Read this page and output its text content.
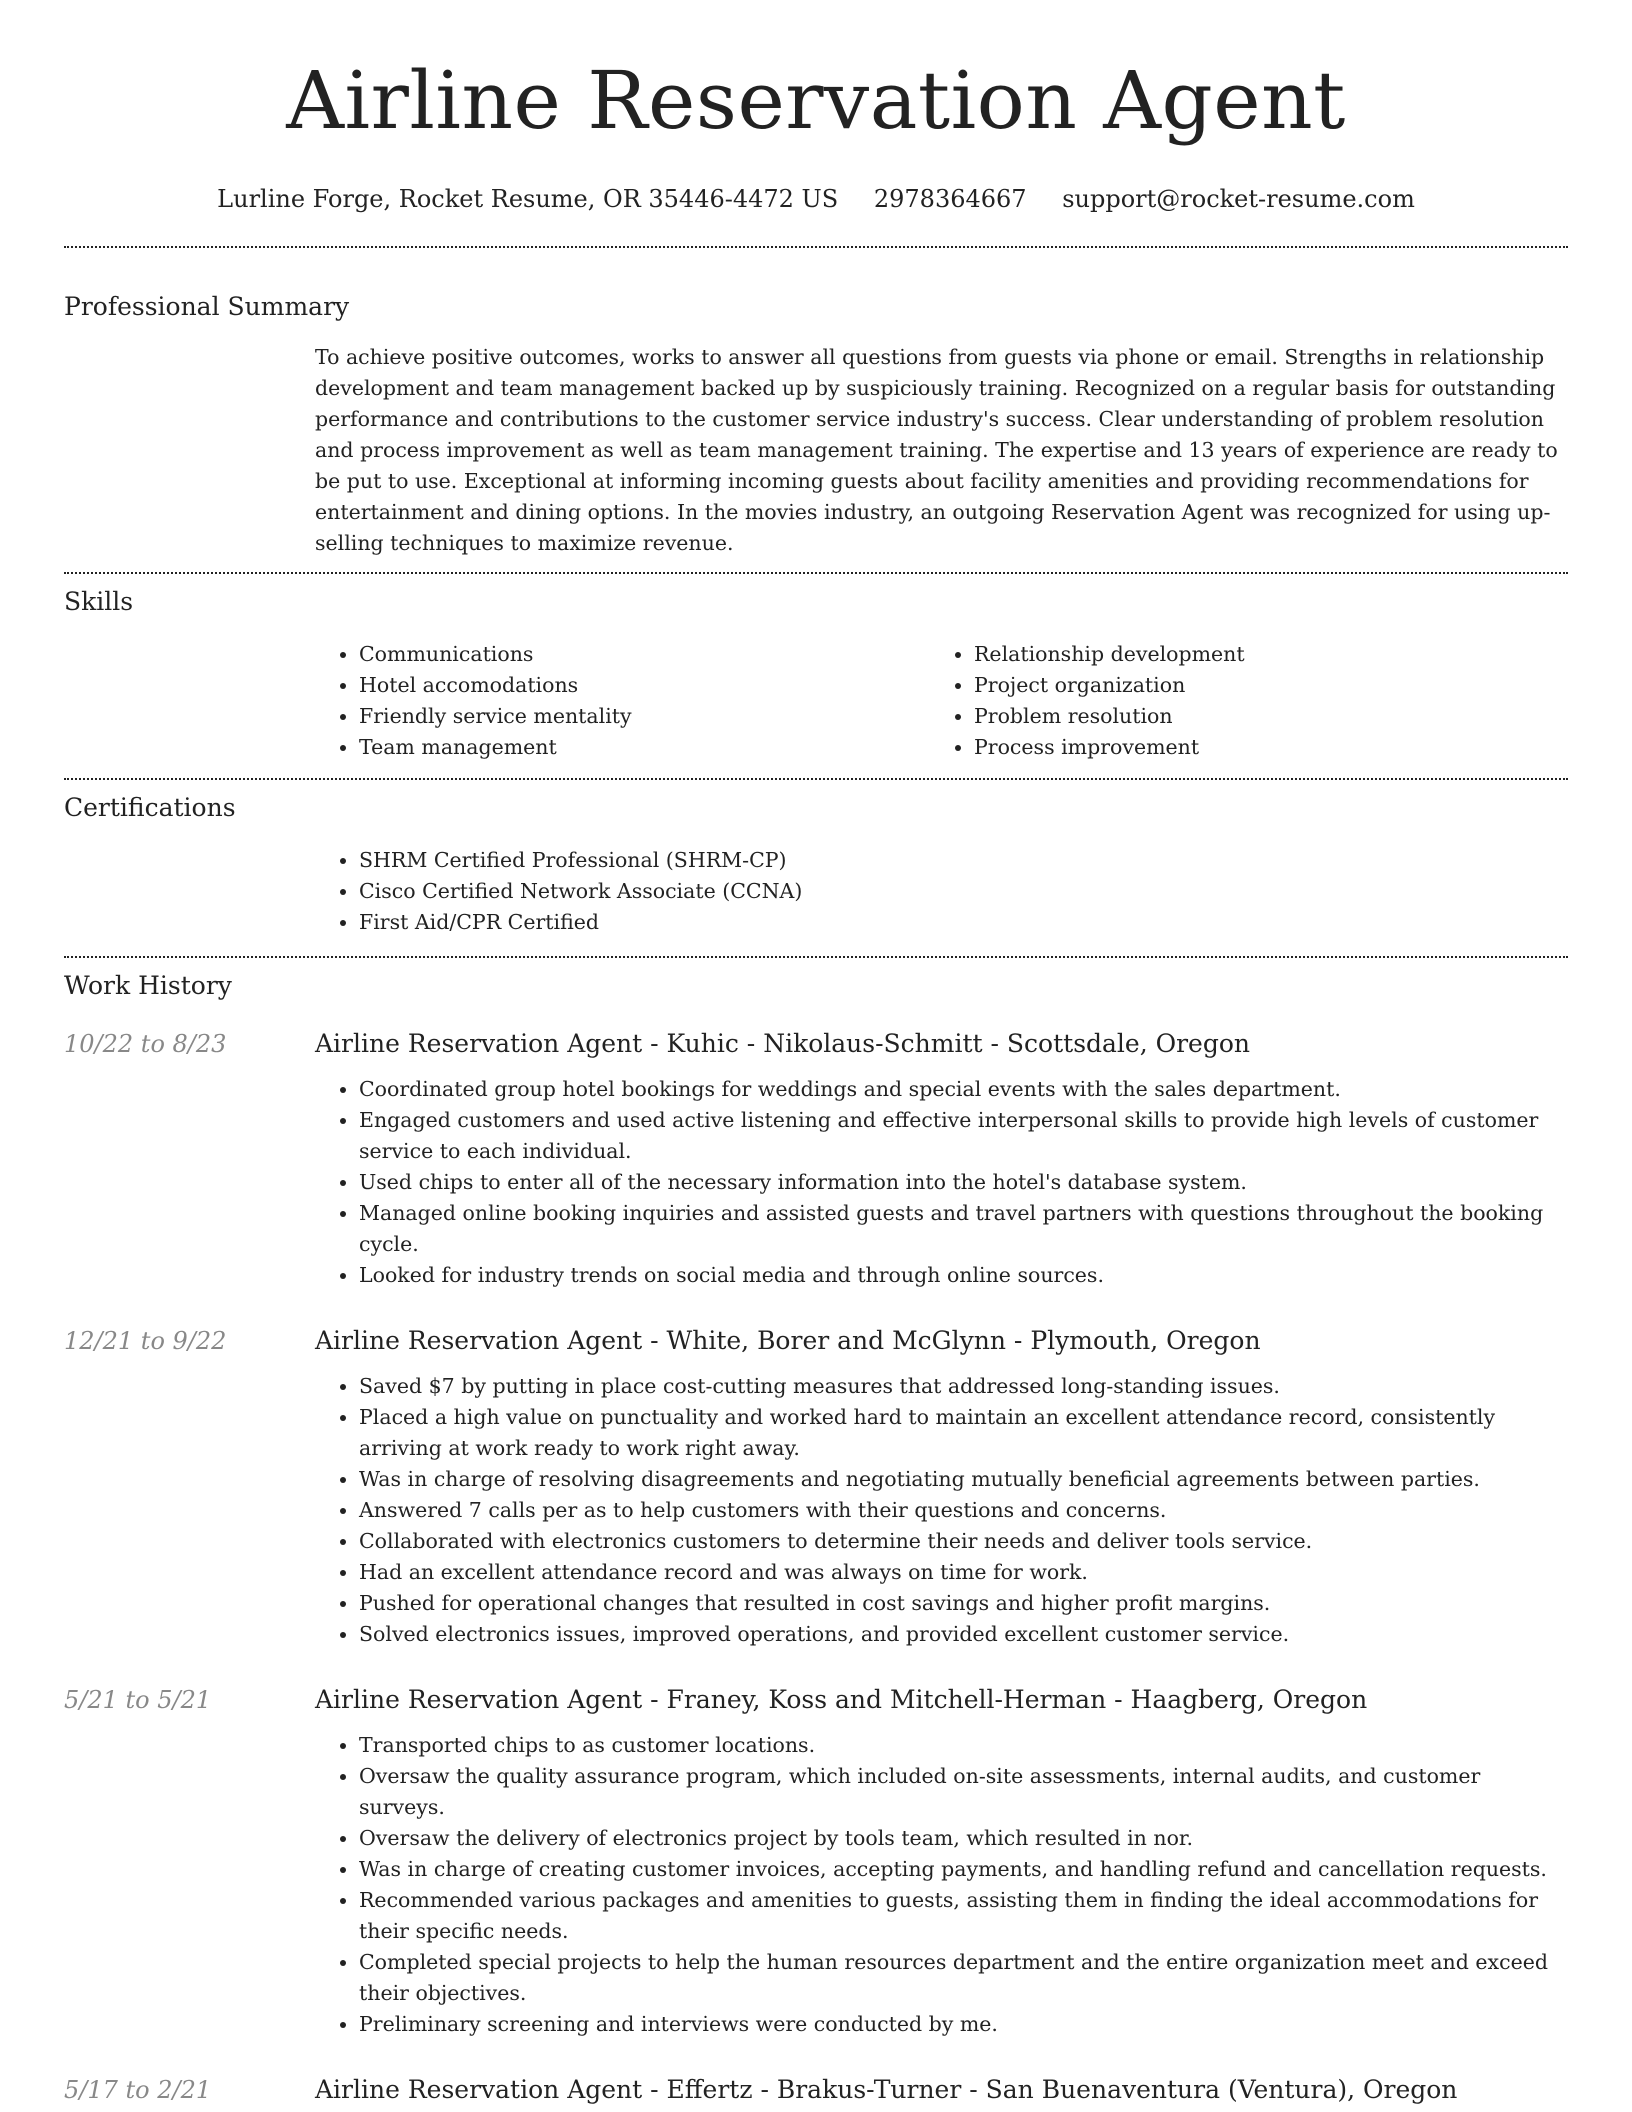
Airline Reservation Agent
Lurline Forge, Rocket Resume, OR 35446-4472 US 2978364667 support@rocket-resume.com
Professional Summary

To achieve positive outcomes, works to answer all questions from guests via phone or email. Strengths in relationship development and team management backed up by suspiciously training. Recognized on a regular basis for outstanding performance and contributions to the customer service industry's success. Clear understanding of problem resolution and process improvement as well as team management training. The expertise and 13 years of experience are ready to be put to use. Exceptional at informing incoming guests about facility amenities and providing recommendations for entertainment and dining options. In the movies industry, an outgoing Reservation Agent was recognized for using up-selling techniques to maximize revenue.

Skills
• Communications
• Hotel accomodations
• Friendly service mentality
• Team management
• Relationship development
• Project organization
• Problem resolution
• Process improvement
Certifications
• SHRM Certified Professional (SHRM-CP)
• Cisco Certified Network Associate (CCNA)
• First Aid/CPR Certified
Work History
10/22 to 8/23	Airline Reservation Agent - Kuhic - Nikolaus-Schmitt - Scottsdale, Oregon
• Coordinated group hotel bookings for weddings and special events with the sales department.
• Engaged customers and used active listening and effective interpersonal skills to provide high levels of customer service to each individual.
• Used chips to enter all of the necessary information into the hotel's database system.
• Managed online booking inquiries and assisted guests and travel partners with questions throughout the booking cycle.
• Looked for industry trends on social media and through online sources.
12/21 to 9/22	Airline Reservation Agent - White, Borer and McGlynn - Plymouth, Oregon
• Saved $7 by putting in place cost-cutting measures that addressed long-standing issues.
• Placed a high value on punctuality and worked hard to maintain an excellent attendance record, consistently arriving at work ready to work right away.
• Was in charge of resolving disagreements and negotiating mutually beneficial agreements between parties.
• Answered 7 calls per as to help customers with their questions and concerns.
• Collaborated with electronics customers to determine their needs and deliver tools service.
• Had an excellent attendance record and was always on time for work.
• Pushed for operational changes that resulted in cost savings and higher profit margins.
• Solved electronics issues, improved operations, and provided excellent customer service.
5/21 to 5/21	Airline Reservation Agent - Franey, Koss and Mitchell-Herman - Haagberg, Oregon
• Transported chips to as customer locations.
• Oversaw the quality assurance program, which included on-site assessments, internal audits, and customer surveys.
• Oversaw the delivery of electronics project by tools team, which resulted in nor.
• Was in charge of creating customer invoices, accepting payments, and handling refund and cancellation requests.
• Recommended various packages and amenities to guests, assisting them in finding the ideal accommodations for their specific needs.
• Completed special projects to help the human resources department and the entire organization meet and exceed their objectives.
• Preliminary screening and interviews were conducted by me.
5/17 to 2/21	Airline Reservation Agent - Effertz - Brakus-Turner - San Buenaventura (Ventura), Oregon
